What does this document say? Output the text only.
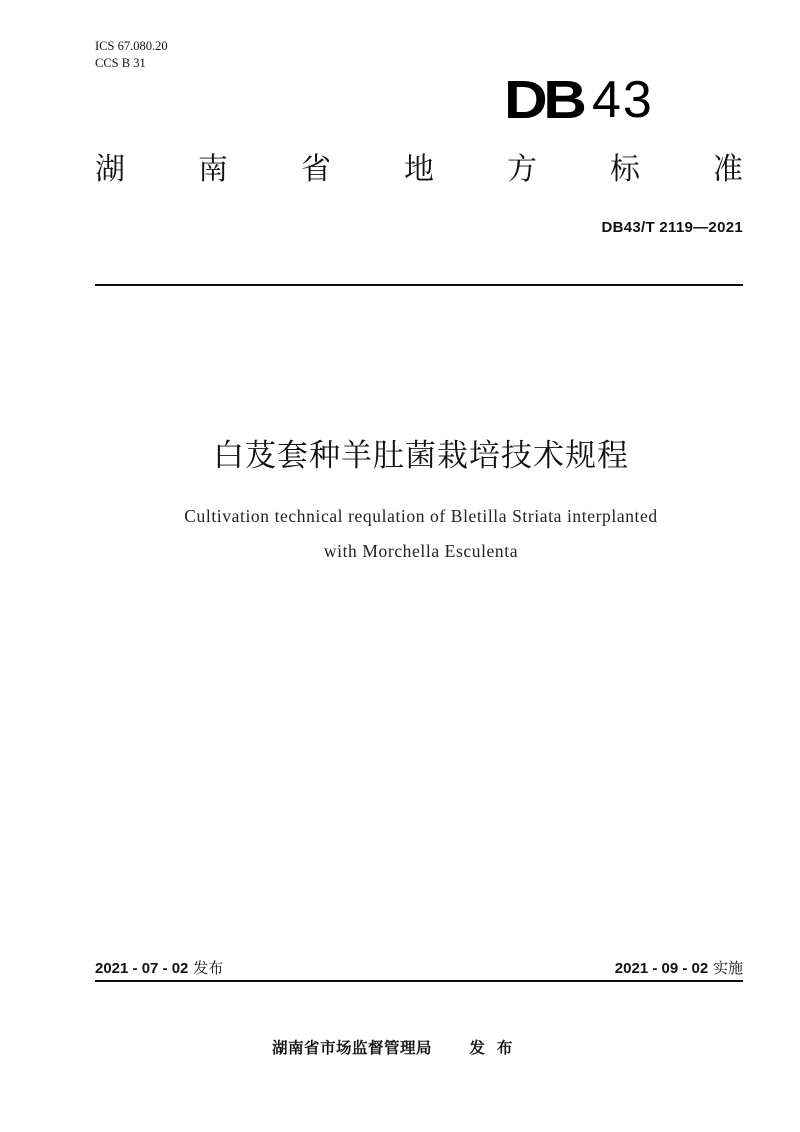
ICS 67.080.20
CCS B 31
DB 43
湖 南 省 地 方 标 准
DB43/T 2119—2021
白芨套种羊肚菌栽培技术规程
Cultivation technical requlation of Bletilla Striata interplanted
with Morchella Esculenta
2021 - 07 - 02 发布	2021 - 09 - 02 实施
湖南省市场监督管理局 发布
